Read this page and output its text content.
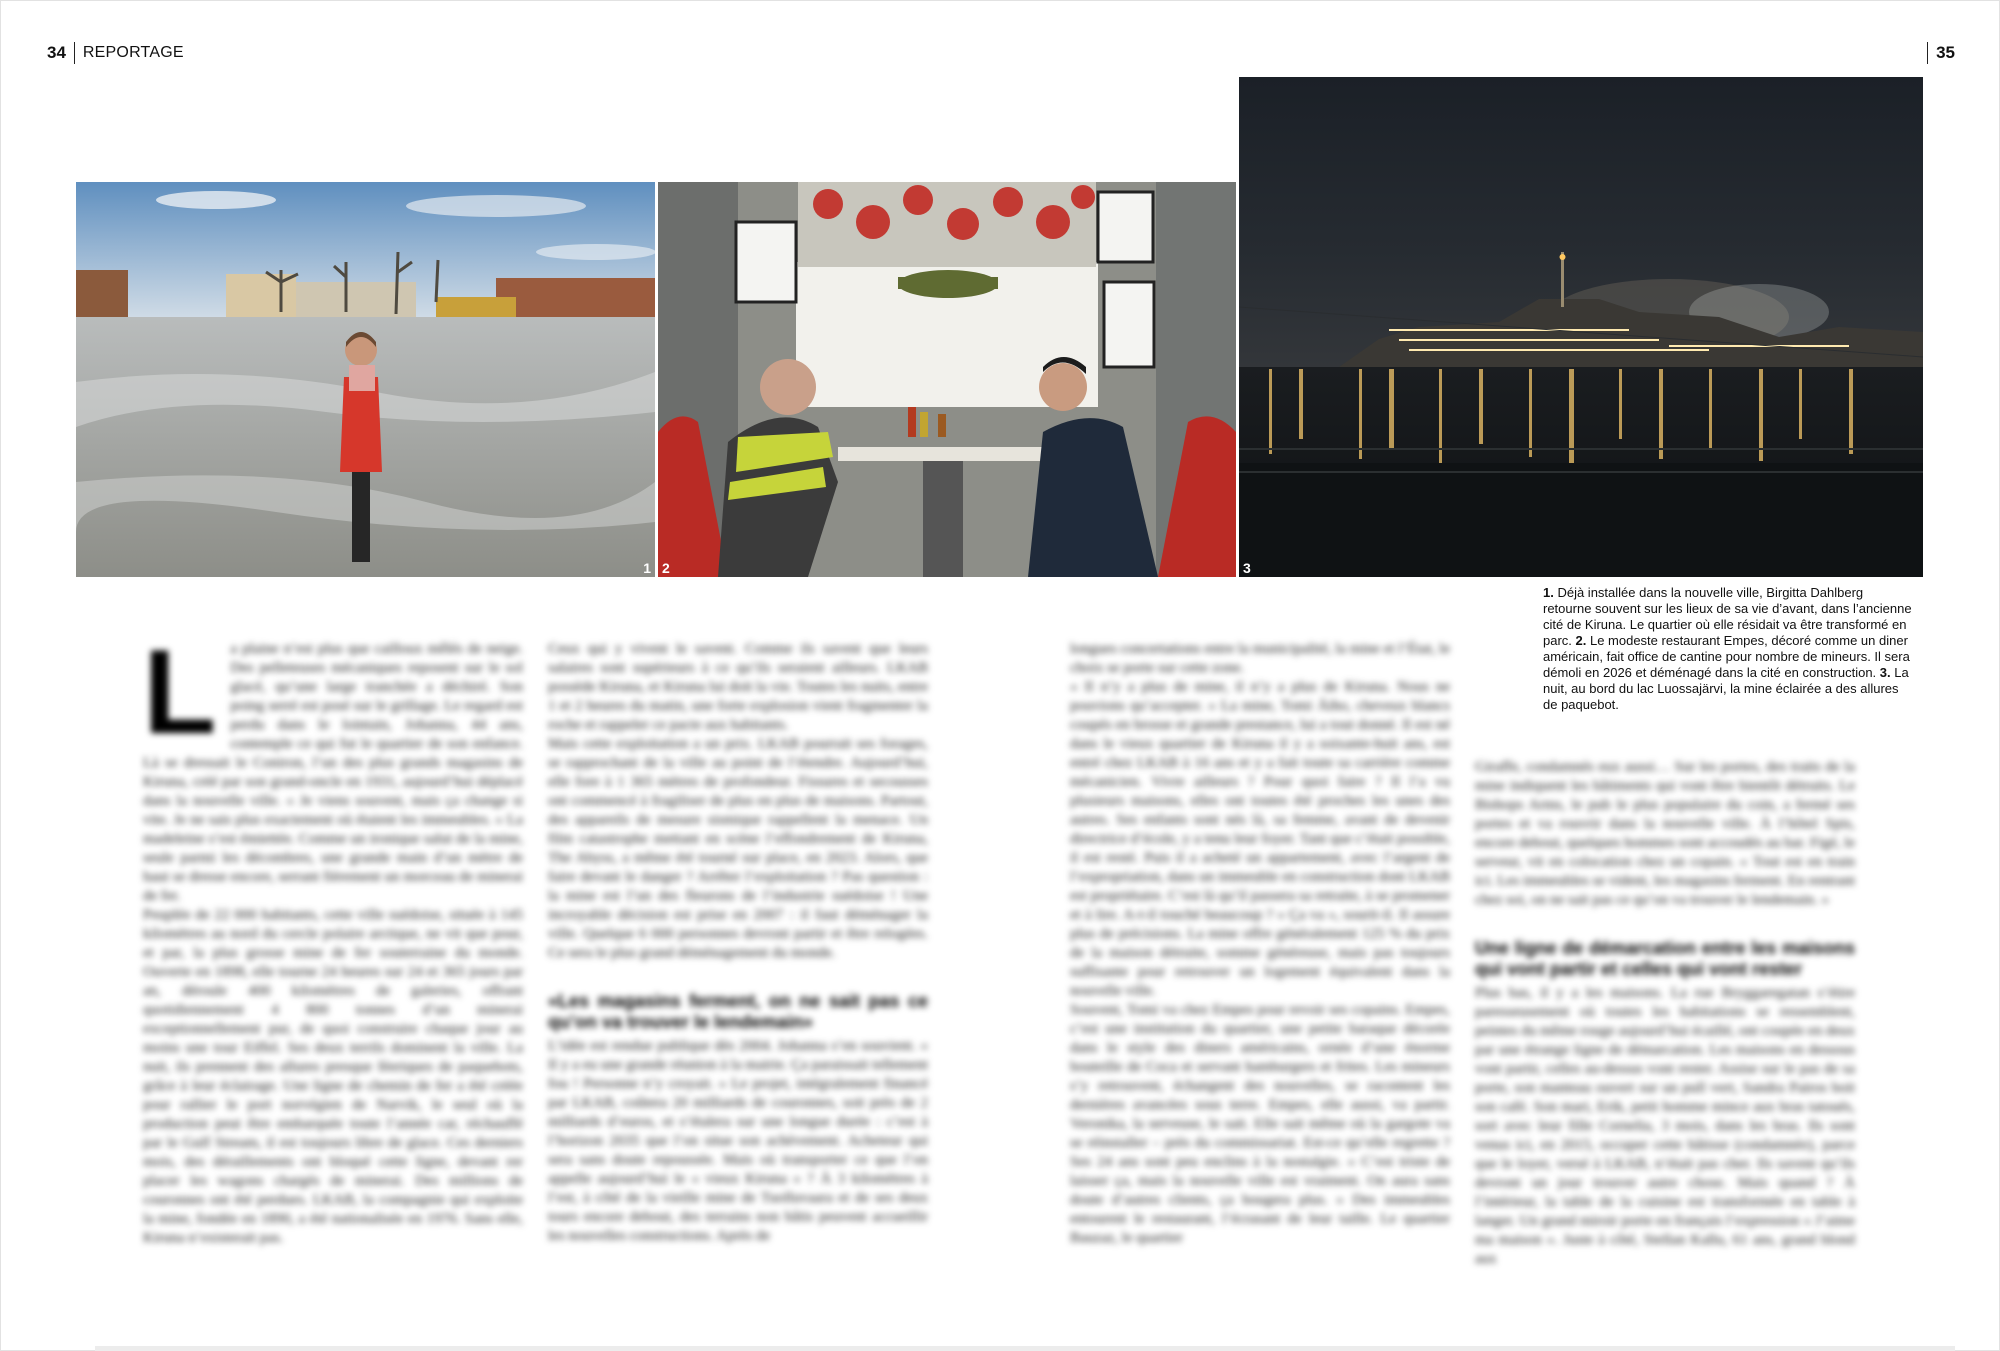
34 REPORTAGE	35
1 2	3
1. Déjà installée dans la nouvelle ville, Birgitta Dahlberg retourne souvent sur les lieux de sa vie d’avant, dans l’ancienne cité de Kiruna. Le quartier où elle résidait va être transformé en parc. 2. Le modeste restaurant Empes, décoré comme un diner américain, fait office de cantine pour nombre de mineurs. Il sera démoli en 2026 et déménagé dans la cité en construction. 3. La nuit, au bord du lac Luossajärvi, la mine éclairée a des allures de paquebot.
L a plaine n’est plus que cailloux mêlés de neige. Des pelleteuses mécaniques reposent sur le sol glacé, qu’une large tranchée a déchiré. Son poing serré est posé sur le grillage. Le regard est perdu dans le lointain, Johanna, 44 ans, contemple ce qui fut le quartier de son enfance. Là se dressait le Coniron, l’un des plus grands magasins de Kiruna, créé par son grand-oncle en 1931, aujourd’hui déplacé dans la nouvelle ville. « Je viens souvent, mais ça change si vite. Je ne sais plus exactement où étaient les immeubles. » La madeleine s’est émiettée. Comme un ironique salut de la mine, seule parmi les décombres, une grande main d’un mètre de haut se dresse encore, serrant fièrement un morceau de minerai de fer.

Peuplée de 22 000 habitants, cette ville suédoise, située à 145 kilomètres au nord du cercle polaire arctique, ne vit que pour, et par, la plus grosse mine de fer souterraine du monde. Ouverte en 1898, elle tourne 24 heures sur 24 et 365 jours par an, déroule 400 kilomètres de galeries, offrant quotidiennement 4 800 tonnes d’un minerai exceptionnellement pur, de quoi construire chaque jour au moins une tour Eiffel. Ses deux terrils dominent la ville. La nuit, ils prennent des allures presque féeriques de paquebots, grâce à leur éclairage. Une ligne de chemin de fer a été créée pour rallier le port norvégien de Narvik, le seul où la production peut être embarquée toute l’année car, réchauffé par le Gulf Stream, il est toujours libre de glace. Ces derniers mois, des déraillements ont bloqué cette ligne, devant rer placer les wagons chargés de minerai. Des millions de couronnes ont été perdues. LKAB, la compagnie qui exploite la mine, fondée en 1890, a été nationalisée en 1976. Sans elle, Kiruna n’existerait pas.

Ceux qui y vivent le savent. Comme ils savent que leurs salaires sont supérieurs à ce qu’ils seraient ailleurs. LKAB possède Kiruna, et Kiruna lui doit la vie. Toutes les nuits, entre 1 et 2 heures du matin, une forte explosion vient fragmenter la roche et rappeler ce pacte aux habitants.

Mais cette exploitation a un prix. LKAB pourrait ses forages, se rapprochant de la ville au point de l’étendre. Aujourd’hui, elle fore à 1 365 mètres de profondeur. Fissures et secousses ont commencé à fragiliser de plus en plus de maisons. Partout, des appareils de mesure sismique rappellent la menace. Un film catastrophe mettant en scène l’effondrement de Kiruna, The Abyss, a même été tourné sur place, en 2023. Alors, que faire devant le danger ? Arrêter l’exploitation ? Pas question : la mine est l’un des fleurons de l’industrie suédoise ! Une incroyable décision est prise en 2007 : il faut déménager la ville. Quelque 6 000 personnes devront partir et être relogées. Ce sera le plus grand déménagement du monde.

«Les magasins ferment, on ne sait pas ce qu’on va trouver le lendemain»

L’idée est rendue publique dès 2004. Johanna s’en souvient. « Il y a eu une grande réunion à la mairie. Ça paraissait tellement fou ! Personne n’y croyait. » Le projet, intégralement financé par LKAB, coûtera 20 milliards de couronnes, soit près de 2 milliards d’euros, et s’étalera sur une longue durée : c’est à l’horizon 2035 que l’on situe son achèvement. Acheteur qui sera sans doute repoussée. Mais où transporter ce que l’on appelle aujourd’hui le « vieux Kiruna » ? À 3 kilomètres à l’est, à côté de la vieille mine de Tuolluvaara et de ses deux tours encore debout, des terrains non bâtis peuvent accueillir les nouvelles constructions. Après de

longues concertations entre la municipalité, la mine et l’État, le choix se porte sur cette zone.

« Il n’y a plus de mine, il n’y a plus de Kiruna. Nous ne pouvions qu’accepter. » La mine, Tomi Äiho, cheveux blancs coupés en brosse et grande prestance, lui a tout donné. Il est né dans le vieux quartier de Kiruna il y a soixante-huit ans, est entré chez LKAB à 16 ans et y a fait toute sa carrière comme mécanicien. Vivre ailleurs ? Pour quoi faire ? Il l’a vu plusieurs maisons, elles ont toutes été proches les unes des autres. Ses enfants sont nés là, sa femme, avant de devenir directrice d’école, y a tenu leur foyer. Tant que c’était possible, il est resté. Puis il a acheté un appartement, avec l’argent de l’expropriation, dans un immeuble en construction dont LKAB est propriétaire. C’est là qu’il passera sa retraite, à se promener et à lire. A-t-il touché beaucoup ? « Ça va », sourit-il. Il assure plus de précisions. La mine offre généralement 125 % du prix de la maison détruite, somme généreuse, mais pas toujours suffisante pour retrouver un logement équivalent dans la nouvelle ville.

Souvent, Tomi va chez Empes pour revoir ses copains. Empes, c’est une institution du quartier, une petite baraque décorée dans le style des diners américains, ornée d’une énorme bouteille de Coca et servant hamburgers et frites. Les mineurs s’y retrouvent, échangent des nouvelles, se racontent les dernières avancées sous terre. Empes, elle aussi, va partir. Veronika, la serveuse, le sait. Elle sait même où la gargote va se réinstaller – près du commissariat. Est-ce qu’elle regrette ? Ses 24 ans sont peu enclins à la nostalgie. « C’est triste de laisser ça, mais la nouvelle ville est vraiment. On aura sans doute d’autres clients, ça bougera plus. » Des immeubles entourent le restaurant, l’écrasant de leur taille. Le quartier Bauzaz, le quartier

Giraffe, condamnés eux aussi… Sur les portes, des traits de la mine indiquent les bâtiments qui vont être bientôt détruits. Le Bishops Arms, le pub le plus populaire du coin, a fermé ses portes et va rouvrir dans la nouvelle ville. À l’hôtel Spis, encore debout, quelques hommes sont accoudés au bar. Figé, le serveur, vit en colocation chez un copain. « Tout est en train ici. Les immeubles se vident, les magasins ferment. En rentrant chez soi, on ne sait pas ce qu’on va trouver le lendemain. »

Une ligne de démarcation entre les maisons qui vont partir et celles qui vont rester

Plus bas, il y a les maisons. La rue Bryggaregatan s’étire paresseusement où toutes les habitations se ressemblent, peintes du même rouge aujourd’hui écaillé, ont coupée en deux par une étrange ligne de démarcation. Les maisons en dessous vont partir, celles au-dessus vont rester. Assise sur le pas de sa porte, son manteau ouvert sur un pull vert, Sandra Pairos boit son café. Son mari, Erik, petit homme mince aux bras tatoués, sort avec leur fille Cornelia, 3 mois, dans les bras. Ils sont venus ici, en 2015, occuper cette bâtisse (condamnée), parce que le loyer, versé à LKAB, n’était pas cher. Ils savent qu’ils devront un jour trouver autre chose. Mais quand ? À l’intérieur, la table de la cuisine est transformée en table à langer. Un grand miroir porte en français l’expression « J’aime ma maison ». Juste à côté, Stellan Kallu, 61 ans, grand blond aux
